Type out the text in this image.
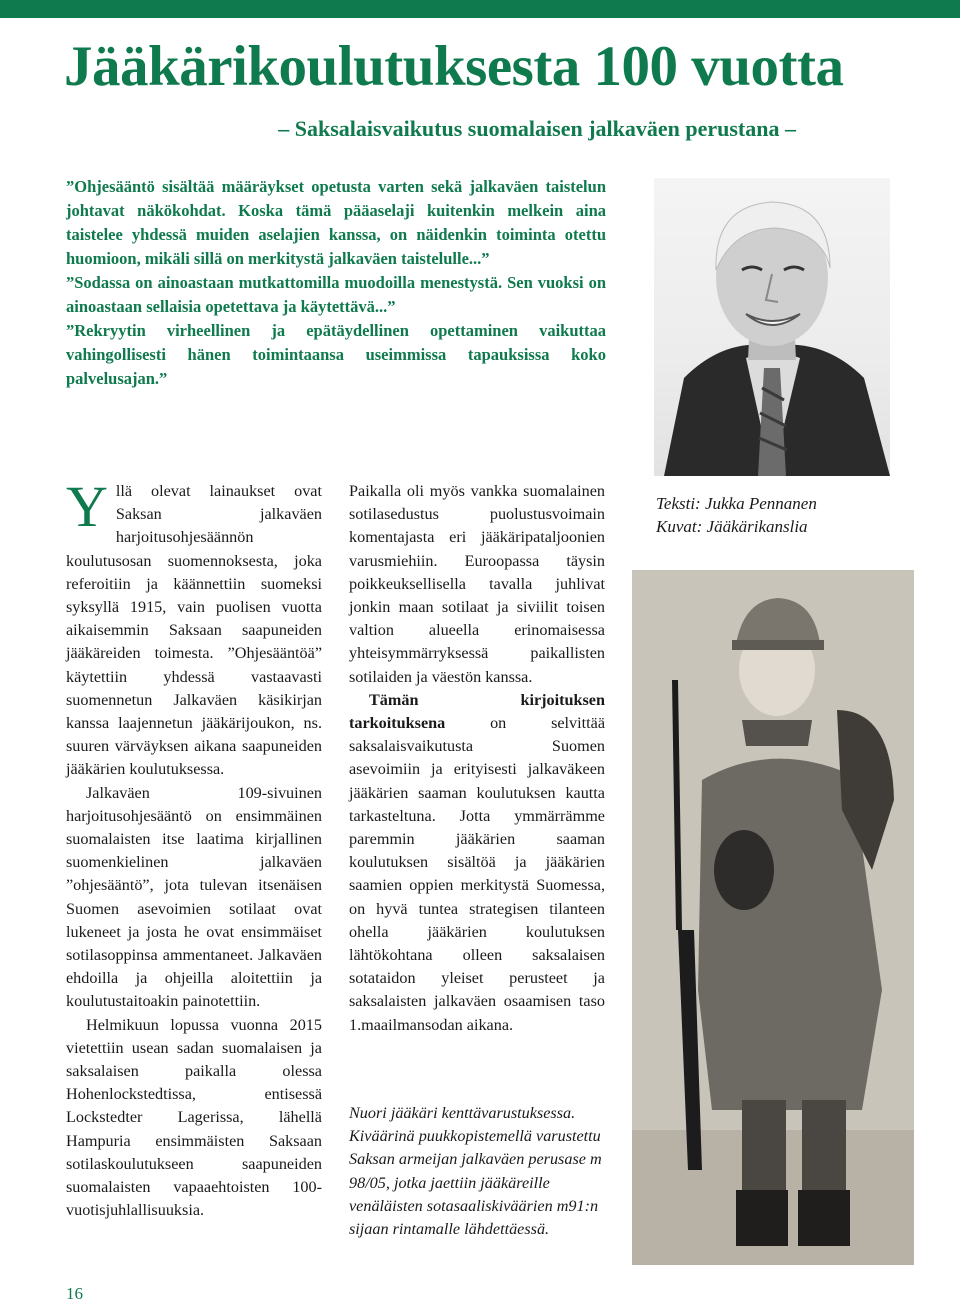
Jääkärikoulutuksesta 100 vuotta
– Saksalaisvaikutus suomalaisen jalkaväen perustana –

”Ohjesääntö sisältää määräykset opetusta varten sekä jalkaväen taistelun johtavat näkökohdat. Koska tämä pääaselaji kuitenkin melkein aina taistelee yhdessä muiden aselajien kanssa, on näidenkin toiminta otettu huomioon, mikäli sillä on merkitystä jalkaväen taistelulle...”

”Sodassa on ainoastaan mutkattomilla muodoilla menestystä. Sen vuoksi on ainoastaan sellaisia opetettava ja käytettävä...”

”Rekryytin virheellinen ja epätäydellinen opettaminen vaikuttaa vahingollisesti hänen toimintaansa useimmissa tapauksissa koko palvelusajan.”

Yllä olevat lainaukset ovat Saksan jalkaväen harjoitusohjesäännön koulutusosan suomennoksesta, joka referoitiin ja käännettiin suomeksi syksyllä 1915, vain puolisen vuotta aikaisemmin Saksaan saapuneiden jääkäreiden toimesta. ”Ohjesääntöä” käytettiin yhdessä vastaavasti suomennetun Jalkaväen käsikirjan kanssa laajennetun jääkärijoukon, ns. suuren värväyksen aikana saapuneiden jääkärien koulutuksessa.

Jalkaväen 109-sivuinen harjoitusohjesääntö on ensimmäinen suomalaisten itse laatima kirjallinen suomenkielinen jalkaväen ”ohjesääntö”, jota tulevan itsenäisen Suomen asevoimien sotilaat ovat lukeneet ja josta he ovat ensimmäiset sotilasoppinsa ammentaneet. Jalkaväen ehdoilla ja ohjeilla aloitettiin ja koulutustaitoakin painotettiin.

Helmikuun lopussa vuonna 2015 vietettiin usean sadan suomalaisen ja saksalaisen paikalla olessa Hohenlockstedtissa, entisessä Lockstedter Lagerissa, lähellä Hampuria ensimmäisten Saksaan sotilaskoulutukseen saapuneiden suomalaisten vapaaehtoisten 100-vuotisjuhlallisuuksia.

Paikalla oli myös vankka suomalainen sotilasedustus puolustusvoimain komentajasta eri jääkäripataljoonien varusmiehiin. Euroopassa täysin poikkeuksellisella tavalla juhlivat jonkin maan sotilaat ja siviilit toisen valtion alueella erinomaisessa yhteisymmärryksessä paikallisten sotilaiden ja väestön kanssa.

Tämän kirjoituksen tarkoituksena on selvittää saksalaisvaikutusta Suomen asevoimiin ja erityisesti jalkaväkeen jääkärien saaman koulutuksen kautta tarkasteltuna. Jotta ymmärrämme paremmin jääkärien saaman koulutuksen sisältöä ja jääkärien saamien oppien merkitystä Suomessa, on hyvä tuntea strategisen tilanteen ohella jääkärien koulutuksen lähtökohtana olleen saksalaisen sotataidon yleiset perusteet ja saksalaisten jalkaväen osaamisen taso 1.maailmansodan aikana.

Nuori jääkäri kenttävarustuksessa. Kiväärinä puukkopistemellä varustettu Saksan armeijan jalkaväen perusase m 98/05, jotka jaettiin jääkäreille venäläisten sotasaaliskiväärien m91:n sijaan rintamalle lähdettäessä.
Teksti: Jukka Pennanen
Kuvat: Jääkärikanslia
16
